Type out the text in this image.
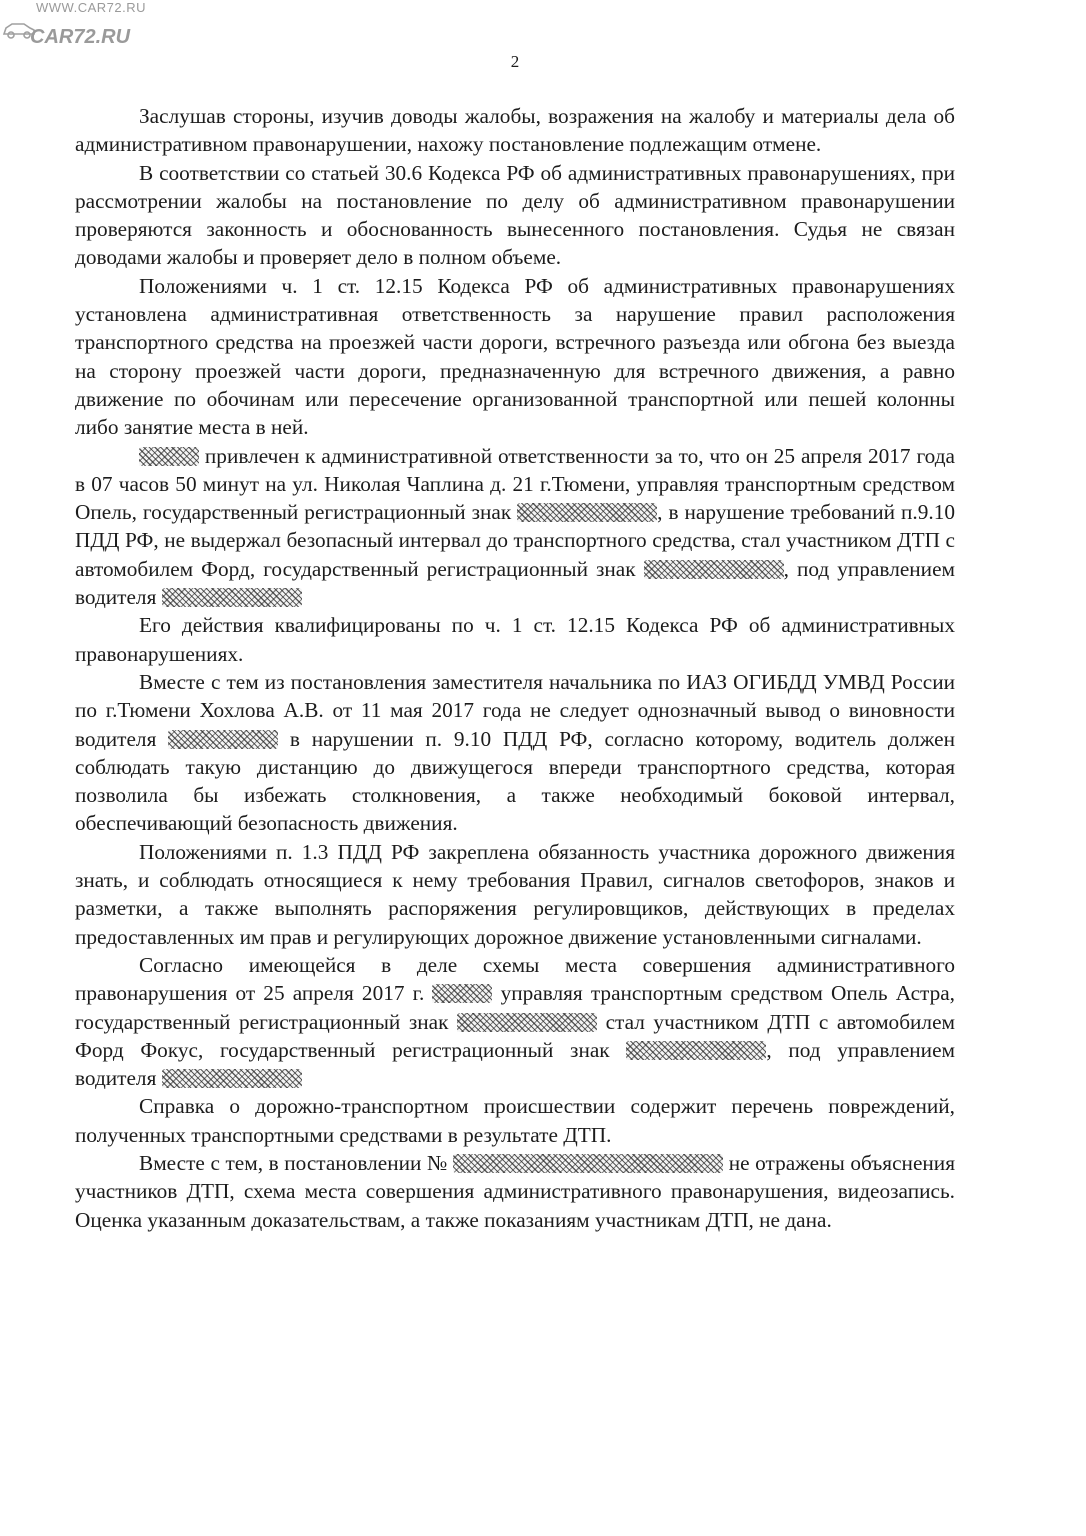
WWW.CAR72.RU
CAR72.RU
2

Заслушав стороны, изучив доводы жалобы, возражения на жалобу и материалы дела об административном правонарушении, нахожу постановление подлежащим отмене.

В соответствии со статьей 30.6 Кодекса РФ об административных правонарушениях, при рассмотрении жалобы на постановление по делу об административном правонарушении проверяются законность и обоснованность вынесенного постановления. Судья не связан доводами жалобы и проверяет дело в полном объеме.

Положениями ч. 1 ст. 12.15 Кодекса РФ об административных правонарушениях установлена административная ответственность за нарушение правил расположения транспортного средства на проезжей части дороги, встречного разъезда или обгона без выезда на сторону проезжей части дороги, предназначенную для встречного движения, а равно движение по обочинам или пересечение организованной транспортной или пешей колонны либо занятие места в ней.

привлечен к административной ответственности за то, что он 25 апреля 2017 года в 07 часов 50 минут на ул. Николая Чаплина д. 21 г.Тюмени, управляя транспортным средством Опель, государственный регистрационный знак	, в нарушение требований п.9.10 ПДД РФ, не выдержал безопасный интервал до транспортного средства, стал участником ДТП с автомобилем Форд, государственный регистрационный знак	, под управлением водителя

Его действия квалифицированы по ч. 1 ст. 12.15 Кодекса РФ об административных правонарушениях.

Вместе с тем из постановления заместителя начальника по ИАЗ ОГИБДД УМВД России по г.Тюмени Хохлова А.В. от 11 мая 2017 года не следует однозначный вывод о виновности водителя	в нарушении п. 9.10 ПДД РФ, согласно которому, водитель должен соблюдать такую дистанцию до движущегося впереди транспортного средства, которая позволила бы избежать столкновения, а также необходимый боковой интервал, обеспечивающий безопасность движения.

Положениями п. 1.3 ПДД РФ закреплена обязанность участника дорожного движения знать, и соблюдать относящиеся к нему требования Правил, сигналов светофоров, знаков и разметки, а также выполнять распоряжения регулировщиков, действующих в пределах предоставленных им прав и регулирующих дорожное движение установленными сигналами.

Согласно имеющейся в деле схемы места совершения административного правонарушения от 25 апреля 2017 г.	управляя транспортным средством Опель Астра, государственный регистрационный знак	стал участником ДТП с автомобилем Форд Фокус, государственный регистрационный знак	, под управлением водителя

Справка о дорожно-транспортном происшествии содержит перечень повреждений, полученных транспортными средствами в результате ДТП.

Вместе с тем, в постановлении №	не отражены объяснения участников ДТП, схема места совершения административного правонарушения, видеозапись. Оценка указанным доказательствам, а также показаниям участникам ДТП, не дана.
